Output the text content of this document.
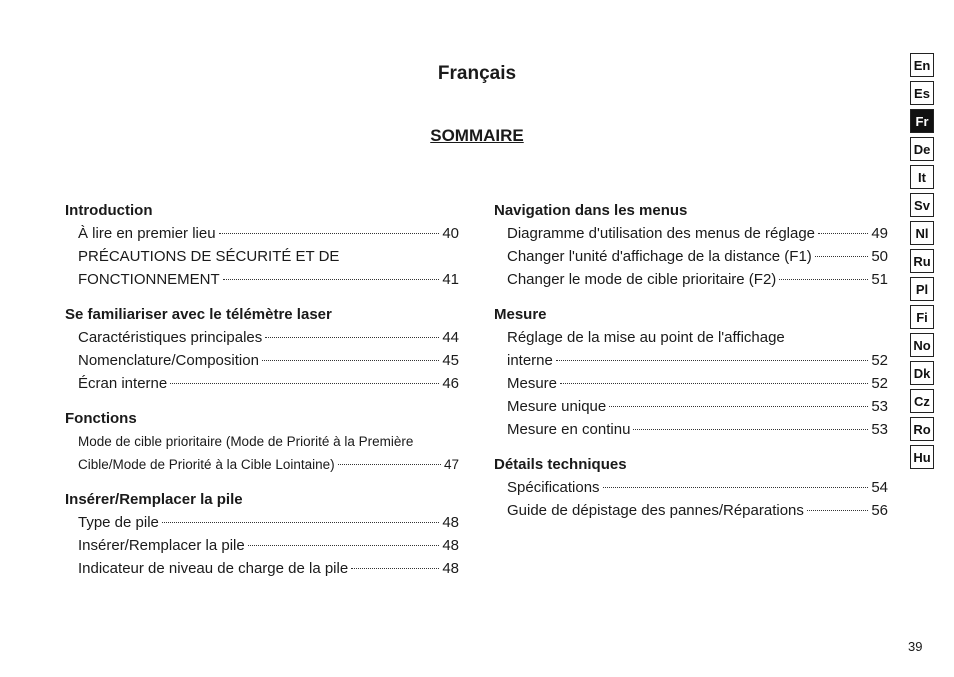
Français
SOMMAIRE
Introduction
À lire en premier lieu	40
PRÉCAUTIONS DE SÉCURITÉ ET DE
FONCTIONNEMENT	41
Se familiariser avec le télémètre laser
Caractéristiques principales	44
Nomenclature/Composition	45
Écran interne	46
Fonctions
Mode de cible prioritaire (Mode de Priorité à la Première
Cible/Mode de Priorité à la Cible Lointaine)	47
Insérer/Remplacer la pile
Type de pile	48
Insérer/Remplacer la pile	48
Indicateur de niveau de charge de la pile	48
Navigation dans les menus
Diagramme d'utilisation des menus de réglage	49
Changer l'unité d'affichage de la distance (F1)	50
Changer le mode de cible prioritaire (F2)	51
Mesure
Réglage de la mise au point de l'affichage
interne	52
Mesure	52
Mesure unique	53
Mesure en continu	53
Détails techniques
Spécifications	54
Guide de dépistage des pannes/Réparations	56
En
Es
Fr
De
It
Sv
Nl
Ru
Pl
Fi
No
Dk
Cz
Ro
Hu
39
